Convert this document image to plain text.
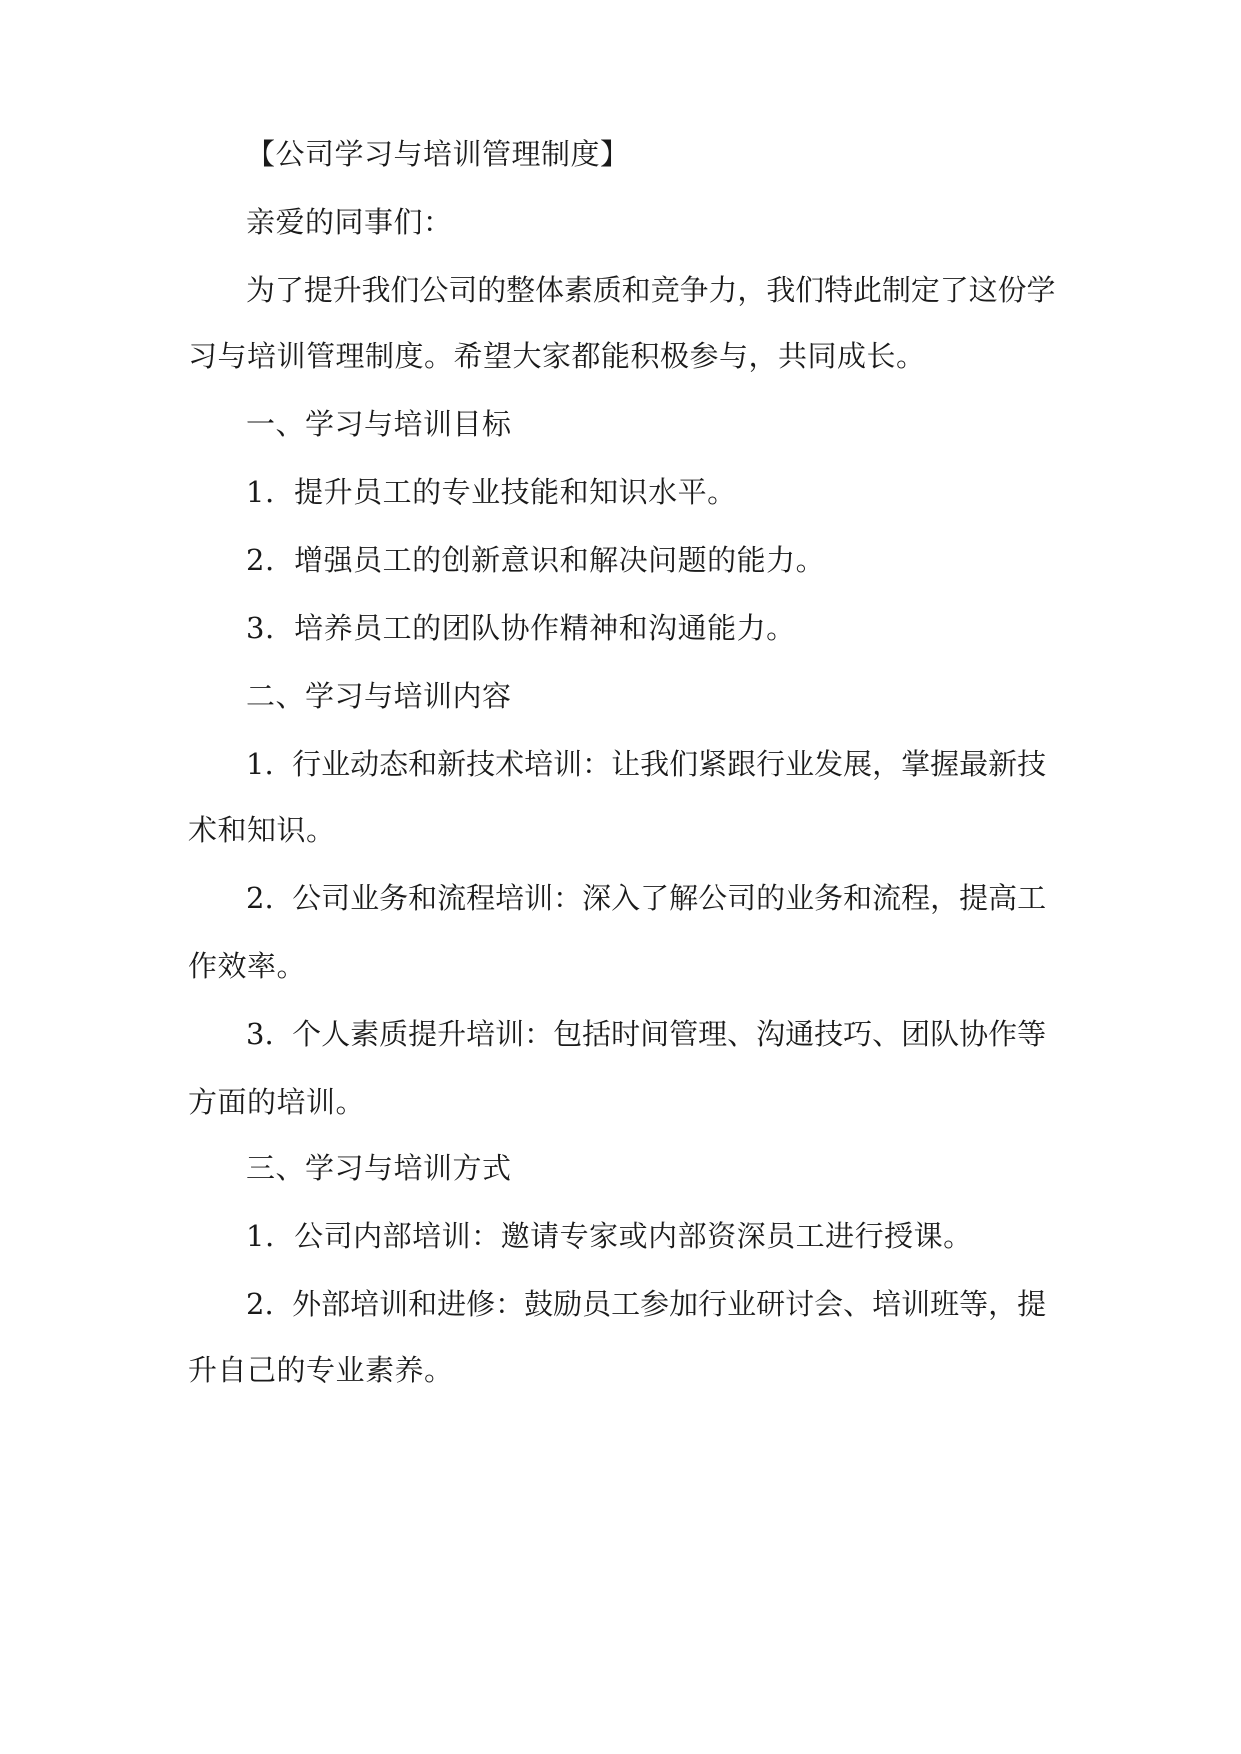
【公司学习与培训管理制度】
亲爱的同事们：
为了提升我们公司的整体素质和竞争力，我们特此制定了这份学
习与培训管理制度。希望大家都能积极参与，共同成长。
一、学习与培训目标
1. 提升员工的专业技能和知识水平。
2. 增强员工的创新意识和解决问题的能力。
3. 培养员工的团队协作精神和沟通能力。
二、学习与培训内容
1. 行业动态和新技术培训：让我们紧跟行业发展，掌握最新技
术和知识。
2. 公司业务和流程培训：深入了解公司的业务和流程，提高工
作效率。
3. 个人素质提升培训：包括时间管理、沟通技巧、团队协作等
方面的培训。
三、学习与培训方式
1. 公司内部培训：邀请专家或内部资深员工进行授课。
2. 外部培训和进修：鼓励员工参加行业研讨会、培训班等，提
升自己的专业素养。
